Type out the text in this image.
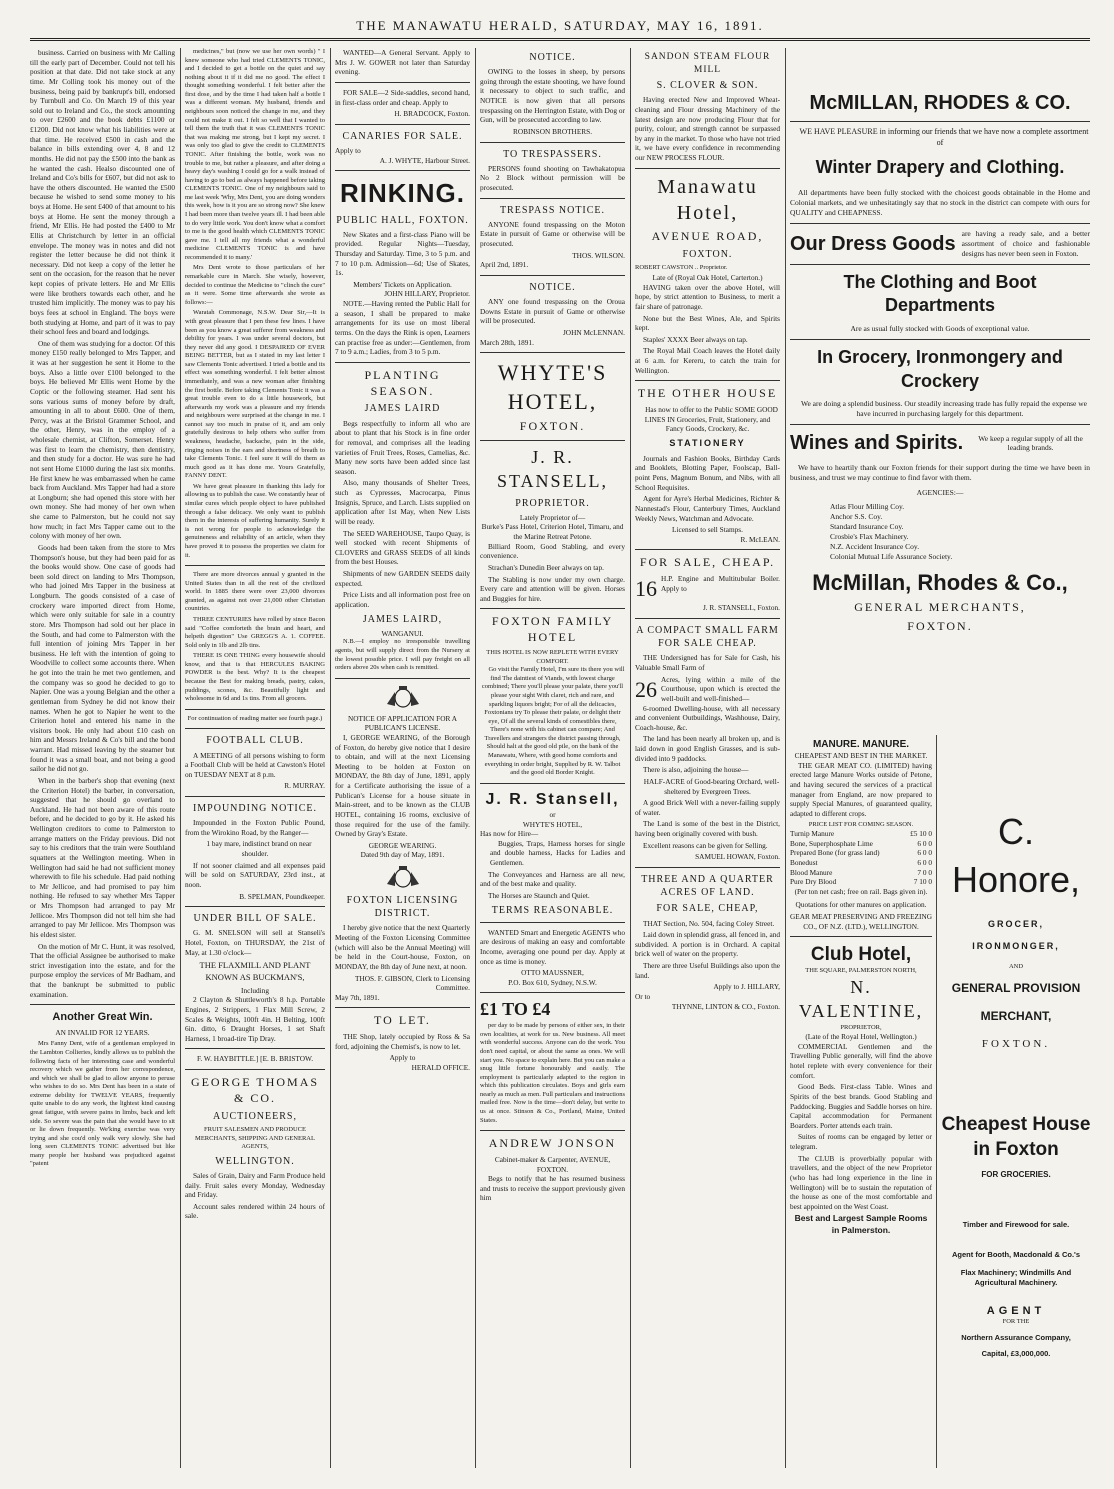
THE MANAWATU HERALD, SATURDAY, MAY 16, 1891.

business. Carried on business with Mr Calling till the early part of December. Could not tell his position at that date. Did not take stock at any time. Mr Colling took his money out of the business, being paid by bankrupt's bill, endorsed by Turnbull and Co. On March 19 of this year sold out to Ireland and Co., the stock amounting to over £2600 and the book debts £1100 or £1200. Did not know what his liabilities were at that time. He received £500 in cash and the balance in bills extending over 4, 8 and 12 months. He did not pay the £500 into the bank as he wanted the cash. Healso discounted one of Ireland and Co's bills for £607, but did not ask to have the others discounted. He wanted the £500 because he wished to send some money to his boys at Home. He sent £400 of that amount to his boys at Home. He sent the money through a friend, Mr Ellis. He had posted the £400 to Mr Ellis at Christchurch by letter in an official envelope. The money was in notes and did not register the letter because he did not think it necessary. Did not keep a copy of the letter he sent on the occasion, for the reason that he never kept copies of private letters. He and Mr Ellis were like brothers towards each other, and he trusted him implicitly. The money was to pay his boys fees at school in England. The boys were both studying at Home, and part of it was to pay their school fees and board and lodgings.

One of them was studying for a doctor. Of this money £150 really belonged to Mrs Tapper, and it was at her suggestion he sent it Home to the boys. Also a little over £100 belonged to the boys. He believed Mr Ellis went Home by the Coptic or the following steamer. Had sent his sons various sums of money before by draft, amounting in all to about £600. One of them, Percy, was at the Bristol Grammer School, and the other, Henry, was in the employ of a wholesale chemist, at Clifton, Somerset. Henry was first to learn the chemistry, then dentistry, and then study for a doctor. He was sure he had not sent Home £1000 during the last six months. He first knew he was embarrassed when he came back from Auckland. Mrs Tapper had had a store at Longburn; she had opened this store with her own money. She had money of her own when she came to Palmerston, but he could not say how much; in fact Mrs Tapper came out to the colony with money of her own.

Goods had been taken from the store to Mrs Thompson's house, but they had been paid for as the books would show. One case of goods had been sold direct on landing to Mrs Thompson, who had joined Mrs Tapper in the business at Longburn. The goods consisted of a case of crockery ware imported direct from Home, which were only suitable for sale in a country store. Mrs Thompson had sold out her place in the South, and had come to Palmerston with the full intention of joining Mrs Tapper in her business. He left with the intention of going to Woodville to collect some accounts there. When he got into the train he met two gentlemen, and the company was so good he decided to go to Napier. One was a young Belgian and the other a gentleman from Sydney he did not know their names. When he got to Napier he went to the Criterion hotel and entered his name in the visitors book. He only had about £10 cash on him and Messrs Ireland & Co's bill and the bond warrant. Had missed leaving by the steamer but found it was a small boat, and not being a good sailor he did not go.

When in the barber's shop that evening (next the Criterion Hotel) the barber, in conversation, suggested that he should go overland to Auckland. He had not been aware of this route before, and he decided to go by it. He asked his Wellington creditors to come to Palmerston to arrange matters on the Friday previous. Did not say to his creditors that the train were Southland squatters at the Wellington meeting. When in Wellington had said he had not sufficient money wherewith to file his schedule. Had paid nothing to Mr Jellicoe, and had promised to pay him nothing. He refused to say whether Mrs Tapper or Mrs Thompson had arranged to pay Mr Jellicoe. Mrs Thompson did not tell him she had arranged to pay Mr Jellicoe. Mrs Thompson was his eldest sister.

On the motion of Mr C. Hunt, it was resolved, That the official Assignee be authorised to make strict investigation into the estate, and for the purpose employ the services of Mr Badham, and that the bankrupt be submitted to public examination.

Another Great Win.
AN INVALID FOR 12 YEARS.

Mrs Fanny Dent, wife of a gentleman employed in the Lambton Collieries, kindly allows us to publish the following facts of her interesting case and wonderful recovery which we gather from her correspondence, and which we shall be glad to allow anyone to peruse who wishes to do so. Mrs Dent has been in a state of extreme debility for TWELVE YEARS, frequently quite unable to do any work, the lightest kind causing great fatigue, with severe pains in limbs, back and left side. So severe was the pain that she would have to sit or lie down frequently. We'king exercise was very trying and she cou'd only walk very slowly. She had long seen CLEMENTS TONIC advertised but like many people her husband was prejudiced against "patent

medicines," but (now we use her own words) " I knew someone who had tried CLEMENTS TONIC, and I decided to get a bottle on the quiet and say nothing about it if it did me no good. The effect I thought something wonderful. I felt better after the first dose, and by the time I had taken half a bottle I was a different woman. My husband, friends and neighbours soon noticed the change in me, and they could not make it out. I felt so well that I wanted to tell them the truth that it was CLEMENTS TONIC that was making me strong, but I kept my secret. I was only too glad to give the credit to CLEMENTS TONIC. After finishing the bottle, work was no trouble to me, but rather a pleasure, and after doing a heavy day's washing I could go for a walk instead of having to go to bed as always happened before taking CLEMENTS TONIC. One of my neighbours said to me last week 'Why, Mrs Dent, you are doing wonders this week, how is it you are so strong now? She knew I had been more than twelve years ill. I had been able to do very little work. You don't know what a comfort to me is the good health which CLEMENTS TONIC gave me. I tell all my friends what a wonderful medicine CLEMENTS TONIC is and have recommended it to many.'

Mrs Dent wrote to those particulars of her remarkable cure in March. She wisely, however, decided to continue the Medicine to "clinch the cure" as it were. Some time afterwards she wrote as follows:—

Waratah Commonage, N.S.W. Dear Sir,—It is with great pleasure that I pen these few lines. I have been as you know a great sufferer from weakness and debility for years. I was under several doctors, but they never did any good. I DESPAIRED OF EVER BEING BETTER, but as I stated in my last letter I saw Clements Tonic advertised. I tried a bottle and its effect was something wonderful. I felt better almost immediately, and was a new woman after finishing the first bottle. Before taking Clements Tonic it was a great trouble even to do a little housework, but afterwards my work was a pleasure and my friends and neighbours were surprised at the change in me. I cannot say too much in praise of it, and am only gratefully desirous to help others who suffer from weakness, headache, backache, pain in the side, ringing noises in the ears and shortness of breath to take Clements Tonic. I feel sure it will do them as much good as it has done me. Yours Gratefully, FANNY DENT.

We have great pleasure in thanking this lady for allowing us to publish the case. We constantly hear of similar cures which people object to have published through a false delicacy. We only want to publish them in the interests of suffering humanity. Surely it is not wrong for people to acknowledge the genuineness and reliability of an article, when they have proved it to possess the properties we claim for it.

There are more divorces annual y granted in the United States than in all the rest of the civilized world. In 1885 there were over 23,000 divorces granted, as against not over 21,000 other Christian countries.

THREE CENTURIES have rolled by since Bacon said "Coffee comforteth the brain and heart, and helpeth digestion" Use GREGG'S A. 1. COFFEE. Sold only in 1lb and 2lb tins.

THERE IS ONE THING every housewife should know, and that is that HERCULES BAKING POWDER is the best. Why? It is the cheapest because the Best for making breads, pastry, cakes, puddings, scones, &c. Beautifully light and wholesome in 6d and 1s tins. From all grocers.

For continuation of reading matter see fourth page.)
FOOTBALL CLUB.

A MEETING of all persons wishing to form a Football Club will be held at Cawston's Hotel on TUESDAY NEXT at 8 p.m.

R. MURRAY.
IMPOUNDING NOTICE.

Impounded in the Foxton Public Pound, from the Wirokino Road, by the Ranger—

1 bay mare, indistinct brand on near shoulder.

If not sooner claimed and all expenses paid will be sold on SATURDAY, 23rd inst., at noon.

B. SPELMAN, Poundkeeper.
UNDER BILL OF SALE.

G. M. SNELSON will sell at Stanseli's Hotel, Foxton, on THURSDAY, the 21st of May, at 1.30 o'clock—

THE FLAXMILL AND PLANT KNOWN AS BUCKMAN'S,
Including

2 Clayton & Shuttleworth's 8 h.p. Portable Engines, 2 Strippers, 1 Flax Mill Screw, 2 Scales & Weights, 100ft 4in. H Belting, 100ft 6in. ditto, 6 Draught Horses, 1 set Shaft Harness, 1 broad-tire Tip Dray.

F. W. HAYBITTLE.] [E. B. BRISTOW.
GEORGE THOMAS & CO.
AUCTIONEERS,
FRUIT SALESMEN AND PRODUCE MERCHANTS, SHIPPING AND GENERAL AGENTS,
WELLINGTON.

Sales of Grain, Dairy and Farm Produce held daily. Fruit sales every Monday, Wednesday and Friday.

Account sales rendered within 24 hours of sale.

WANTED—A General Servant. Apply to Mrs J. W. GOWER not later than Saturday evening.

FOR SALE—2 Side-saddles, second hand, in first-class order and cheap. Apply to

H. BRADCOCK, Foxton.
CANARIES FOR SALE.
Apply to
A. J. WHYTE, Harbour Street.
RINKING.
PUBLIC HALL, FOXTON.

New Skates and a first-class Piano will be provided. Regular Nights—Tuesday, Thursday and Saturday. Time, 3 to 5 p.m. and 7 to 10 p.m. Admission—6d; Use of Skates, 1s.

Members' Tickets on Application.
JOHN HILLARY, Proprietor.

NOTE.—Having rented the Public Hall for a season, I shall be prepared to make arrangements for its use on most liberal terms. On the days the Rink is open, Learners can practise free as under:—Gentlemen, from 7 to 9 a.m.; Ladies, from 3 to 5 p.m.

PLANTING SEASON.
JAMES LAIRD

Begs respectfully to inform all who are about to plant that his Stock is in fine order for removal, and comprises all the leading varieties of Fruit Trees, Roses, Camelias, &c. Many new sorts have been added since last season.

Also, many thousands of Shelter Trees, such as Cypresses, Macrocarpa, Pinus Insignis, Spruce, and Larch. Lists supplied on application after 1st May, when New Lists will be ready.

The SEED WAREHOUSE, Taupo Quay, is well stocked with recent Shipments of CLOVERS and GRASS SEEDS of all kinds from the best Houses.

Shipments of new GARDEN SEEDS daily expected.

Price Lists and all information post free on application.

JAMES LAIRD,
WANGANUI.

N.B.—I employ no irresponsible travelling agents, but will supply direct from the Nursery at the lowest possible price. I will pay freight on all orders above 20s when cash is remitted.

NOTICE OF APPLICATION FOR A PUBLICAN'S LICENSE.

I, GEORGE WEARING, of the Borough of Foxton, do hereby give notice that I desire to obtain, and will at the next Licensing Meeting to be holden at Foxton on MONDAY, the 8th day of June, 1891, apply for a Certificate authorising the issue of a Publican's License for a house situate in Main-street, and to be known as the CLUB HOTEL, containing 16 rooms, exclusive of those required for the use of the family. Owned by Gray's Estate.

GEORGE WEARING.
Dated 9th day of May, 1891.
FOXTON LICENSING DISTRICT.

I hereby give notice that the next Quarterly Meeting of the Foxton Licensing Committee (which will also be the Annual Meeting) will be held in the Court-house, Foxton, on MONDAY, the 8th day of June next, at noon.

THOS. F. GIBSON, Clerk to Licensing Committee.
May 7th, 1891.
TO LET.

THE Shop, lately occupied by Ross & Sa ford, adjoining the Chemist's, is now to let.

Apply to
HERALD OFFICE.
NOTICE.

OWING to the losses in sheep, by persons going through the estate shooting, we have found it necessary to object to such traffic, and NOTICE is now given that all persons trespassing on the Herrington Estate, with Dog or Gun, will be prosecuted according to law.

ROBINSON BROTHERS.
TO TRESPASSERS.

PERSONS found shooting on Tawhakatopua No 2 Block without permission will be prosecuted.

TRESPASS NOTICE.

ANYONE found trespassing on the Moton Estate in pursuit of Game or otherwise will be prosecuted.

THOS. WILSON.
April 2nd, 1891.
NOTICE.

ANY one found trespassing on the Oroua Downs Estate in pursuit of Game or otherwise will be prosecuted.

JOHN McLENNAN.
March 28th, 1891.
WHYTE'S HOTEL,
FOXTON.
J. R. STANSELL,
PROPRIETOR.
Lately Proprietor of—
Burke's Pass Hotel, Criterion Hotel, Timaru, and the Marine Retreat Petone.

Billiard Room, Good Stabling, and every convenience.

Strachan's Dunedin Beer always on tap.

The Stabling is now under my own charge. Every care and attention will be given. Horses and Buggies for hire.

FOXTON FAMILY HOTEL
THIS HOTEL IS NOW REPLETE WITH EVERY COMFORT.

Go visit the Family Hotel, I'm sure its there you will find The daintiest of Viands, with lowest charge combined; There you'll please your palate, there you'll please your sight With claret, rich and rare, and sparkling liquors bright; For of all the delicacies, Foxtonians try To please their palate, or delight their eye, Of all the several kinds of comestibles there, There's none with his cabinet can compare; And Travellers and strangers the district passing through, Should halt at the good old pile, on the bank of the Manawatu, Where, with good home comforts and everything in order bright, Supplied by R. W. Talbot and the good old Border Knight.

J. R. Stansell,
or
WHYTE'S HOTEL,
Has now for Hire—

Buggies, Traps, Harness horses for single and double harness, Hacks for Ladies and Gentlemen.

The Conveyances and Harness are all new, and of the best make and quality.

The Horses are Staunch and Quiet.

TERMS REASONABLE.

WANTED Smart and Energetic AGENTS who are desirous of making an easy and comfortable Income, averaging one pound per day. Apply at once as time is money.

OTTO MAUSSNER,
P.O. Box 610, Sydney, N.S.W.
£1 TO £4

per day to be made by persons of either sex, in their own localities, at work for us. New business. All meet with wonderful success. Anyone can do the work. You don't need capital, or about the same as ones. We will start you. No space to explain here. But you can make a snug little fortune honourably and easily. The employment is particularly adapted to the region in which this publication circulates. Boys and girls earn nearly as much as men. Full particulars and instructions mailed free. Now is the time—don't delay, but write to us at once. Stinson & Co., Portland, Maine, United States.

ANDREW JONSON
Cabinet-maker & Carpenter, AVENUE, FOXTON.

Begs to notify that he has resumed business and trusts to receive the support previously given him

SANDON STEAM FLOUR MILL
S. CLOVER & SON.

Having erected New and Improved Wheat-cleaning and Flour dressing Machinery of the latest design are now producing Flour that for purity, colour, and strength cannot be surpassed by any in the market. To those who have not tried it, we have every confidence in recommending our NEW PROCESS FLOUR.

Manawatu Hotel,
AVENUE ROAD,
FOXTON.
ROBERT CAWSTON .. Proprietor.
Late of (Royal Oak Hotel, Carterton.)

HAVING taken over the above Hotel, will hope, by strict attention to Business, to merit a fair share of patronage.

None but the Best Wines, Ale, and Spirits kept.

Staples' XXXX Beer always on tap.

The Royal Mail Coach leaves the Hotel daily at 6 a.m. for Kereru, to catch the train for Wellington.

THE OTHER HOUSE

Has now to offer to the Public SOME GOOD LINES IN Groceries, Fruit, Stationery, and Fancy Goods, Crockery, &c.

STATIONERY

Journals and Fashion Books, Birthday Cards and Booklets, Blotting Paper, Foolscap, Ball-point Pens, Magnum Bonum, and Nibs, with all School Requisites.

Agent for Ayre's Herbal Medicines, Richter & Nannestad's Flour, Canterbury Times, Auckland Weekly News, Watchman and Advocate.

Licensed to sell Stamps.
R. McLEAN.
FOR SALE, CHEAP.
16 H.P. Engine and Multitubular Boiler. Apply to
J. R. STANSELL, Foxton.
A COMPACT SMALL FARM FOR SALE CHEAP.

THE Undersigned has for Sale for Cash, his Valuable Small Farm of

26 Acres, lying within a mile of the Courthouse, upon which is erected the well-built and well-finished—

6-roomed Dwelling-house, with all necessary and convenient Outbuildings, Washhouse, Dairy, Coach-house, &c.

The land has been nearly all broken up, and is laid down in good English Grasses, and is sub-divided into 9 paddocks.

There is also, adjoining the house—

HALF-ACRE of Good-bearing Orchard, well-sheltered by Evergreen Trees.

A good Brick Well with a never-failing supply of water.

The Land is some of the best in the District, having been originally covered with bush.

Excellent reasons can be given for Selling.

SAMUEL HOWAN, Foxton.
THREE AND A QUARTER ACRES OF LAND.
FOR SALE, CHEAP,

THAT Section, No. 504, facing Coley Street.

Laid down in splendid grass, all fenced in, and subdivided. A portion is in Orchard. A capital brick well of water on the property.

There are three Useful Buildings also upon the land.

Apply to J. HILLARY,
Or to
THYNNE, LINTON & CO., Foxton.
McMILLAN, RHODES & CO.

WE HAVE PLEASURE in informing our friends that we have now a complete assortment of

Winter Drapery and Clothing.

All departments have been fully stocked with the choicest goods obtainable in the Home and Colonial markets, and we unhesitatingly say that no stock in the district can compete with ours for QUALITY and CHEAPNESS.

Our Dress Goods are having a ready sale, and a better assortment of choice and fashionable designs has never been seen in Foxton.
The Clothing and Boot Departments
Are as usual fully stocked with Goods of exceptional value.
In Grocery, Ironmongery and Crockery

We are doing a splendid business. Our steadily increasing trade has fully repaid the expense we have incurred in purchasing largely for this department.

Wines and Spirits.	We keep a regular supply of all the leading brands.

We have to heartily thank our Foxton friends for their support during the time we have been in business, and trust we may continue to find favor with them.

AGENCIES:—
Atlas Flour Milling Coy.
Anchor S.S. Coy.
Standard Insurance Coy.
Crosbie's Flax Machinery.
N.Z. Accident Insurance Coy.
Colonial Mutual Life Assurance Society.
McMillan, Rhodes & Co.,
GENERAL MERCHANTS,
FOXTON.
MANURE. MANURE.
CHEAPEST AND BEST IN THE MARKET.

THE GEAR MEAT CO. (LIMITED) having erected large Manure Works outside of Petone, and having secured the services of a practical manager from England, are now prepared to supply Special Manures, of guaranteed quality, adapted to different crops.

PRICE LIST FOR COMING SEASON.
Turnip Manure	£5 10 0
Bone, Superphosphate Lime	6 0 0
Prepared Bone (for grass land)	6 0 0
Bonedust	6 0 0
Blood Manure	7 0 0
Pure Dry Blood	7 10 0
(Per ton net cash; free on rail. Bags given in).
Quotations for other manures on application.
GEAR MEAT PRESERVING AND FREEZING CO., OF N.Z. (LTD.), WELLINGTON.
Club Hotel,
THE SQUARE, PALMERSTON NORTH,
N. VALENTINE,
PROPRIETOR,
(Late of the Royal Hotel, Wellington.)

COMMERCIAL Gentlemen and the Travelling Public generally, will find the above hotel replete with every convenience for their comfort.

Good Beds. First-class Table. Wines and Spirits of the best brands. Good Stabling and Paddocking. Buggies and Saddle horses on hire. Capital accommodation for Permanent Boarders. Porter attends each train.

Suites of rooms can be engaged by letter or telegram.

The CLUB is proverbially popular with travellers, and the object of the new Proprietor (who has had long experience in the line in Wellington) will be to sustain the reputation of the house as one of the most comfortable and best appointed on the West Coast.

Best and Largest Sample Rooms in Palmerston.
C. Honore,
GROCER,
IRONMONGER,
AND
GENERAL PROVISION
MERCHANT,
FOXTON.
Cheapest House in Foxton
FOR GROCERIES.
Timber and Firewood for sale.
Agent for Booth, Macdonald & Co.'s
Flax Machinery; Windmills And Agricultural Machinery.
AGENT
FOR THE
Northern Assurance Company,
Capital, £3,000,000.
